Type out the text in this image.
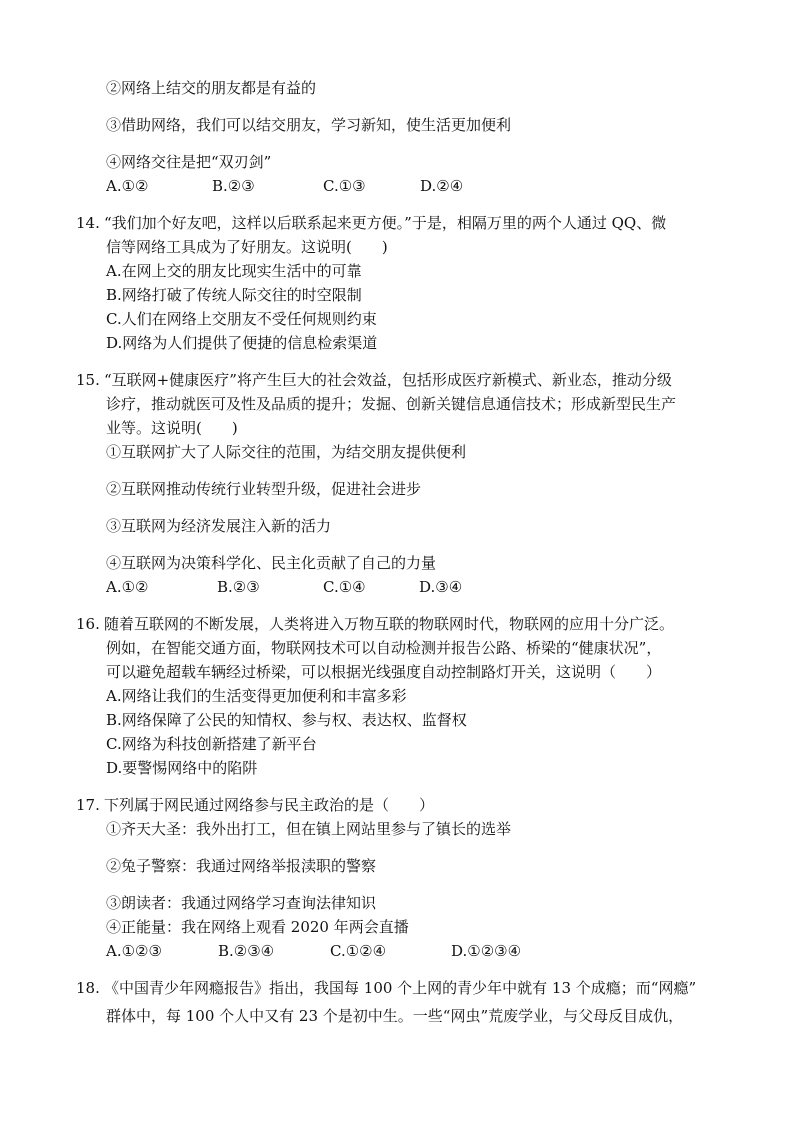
②网络上结交的朋友都是有益的
③借助网络，我们可以结交朋友，学习新知，使生活更加便利
④网络交往是把“双刃剑”
A.①②	B.②③	C.①③	D.②④
14. “我们加个好友吧，这样以后联系起来更方便。”于是，相隔万里的两个人通过 QQ、微
信等网络工具成为了好朋友。这说明(　　)
A.在网上交的朋友比现实生活中的可靠
B.网络打破了传统人际交往的时空限制
C.人们在网络上交朋友不受任何规则约束
D.网络为人们提供了便捷的信息检索渠道
15. “互联网+健康医疗”将产生巨大的社会效益，包括形成医疗新模式、新业态，推动分级
诊疗，推动就医可及性及品质的提升；发掘、创新关键信息通信技术；形成新型民生产
业等。这说明(　　)
①互联网扩大了人际交往的范围，为结交朋友提供便利
②互联网推动传统行业转型升级，促进社会进步
③互联网为经济发展注入新的活力
④互联网为决策科学化、民主化贡献了自己的力量
A.①②	B.②③	C.①④	D.③④
16. 随着互联网的不断发展，人类将进入万物互联的物联网时代，物联网的应用十分广泛。
例如，在智能交通方面，物联网技术可以自动检测并报告公路、桥梁的“健康状况”，
可以避免超载车辆经过桥梁，可以根据光线强度自动控制路灯开关，这说明（　　）
A.网络让我们的生活变得更加便利和丰富多彩
B.网络保障了公民的知情权、参与权、表达权、监督权
C.网络为科技创新搭建了新平台
D.要警惕网络中的陷阱
17. 下列属于网民通过网络参与民主政治的是（　　）
①齐天大圣：我外出打工，但在镇上网站里参与了镇长的选举
②兔子警察：我通过网络举报渎职的警察
③朗读者：我通过网络学习查询法律知识
④正能量：我在网络上观看 2020 年两会直播
A.①②③	B.②③④	C.①②④	D.①②③④
18. 《中国青少年网瘾报告》指出，我国每 100 个上网的青少年中就有 13 个成瘾；而“网瘾”
群体中，每 100 个人中又有 23 个是初中生。一些“网虫”荒废学业，与父母反目成仇，
